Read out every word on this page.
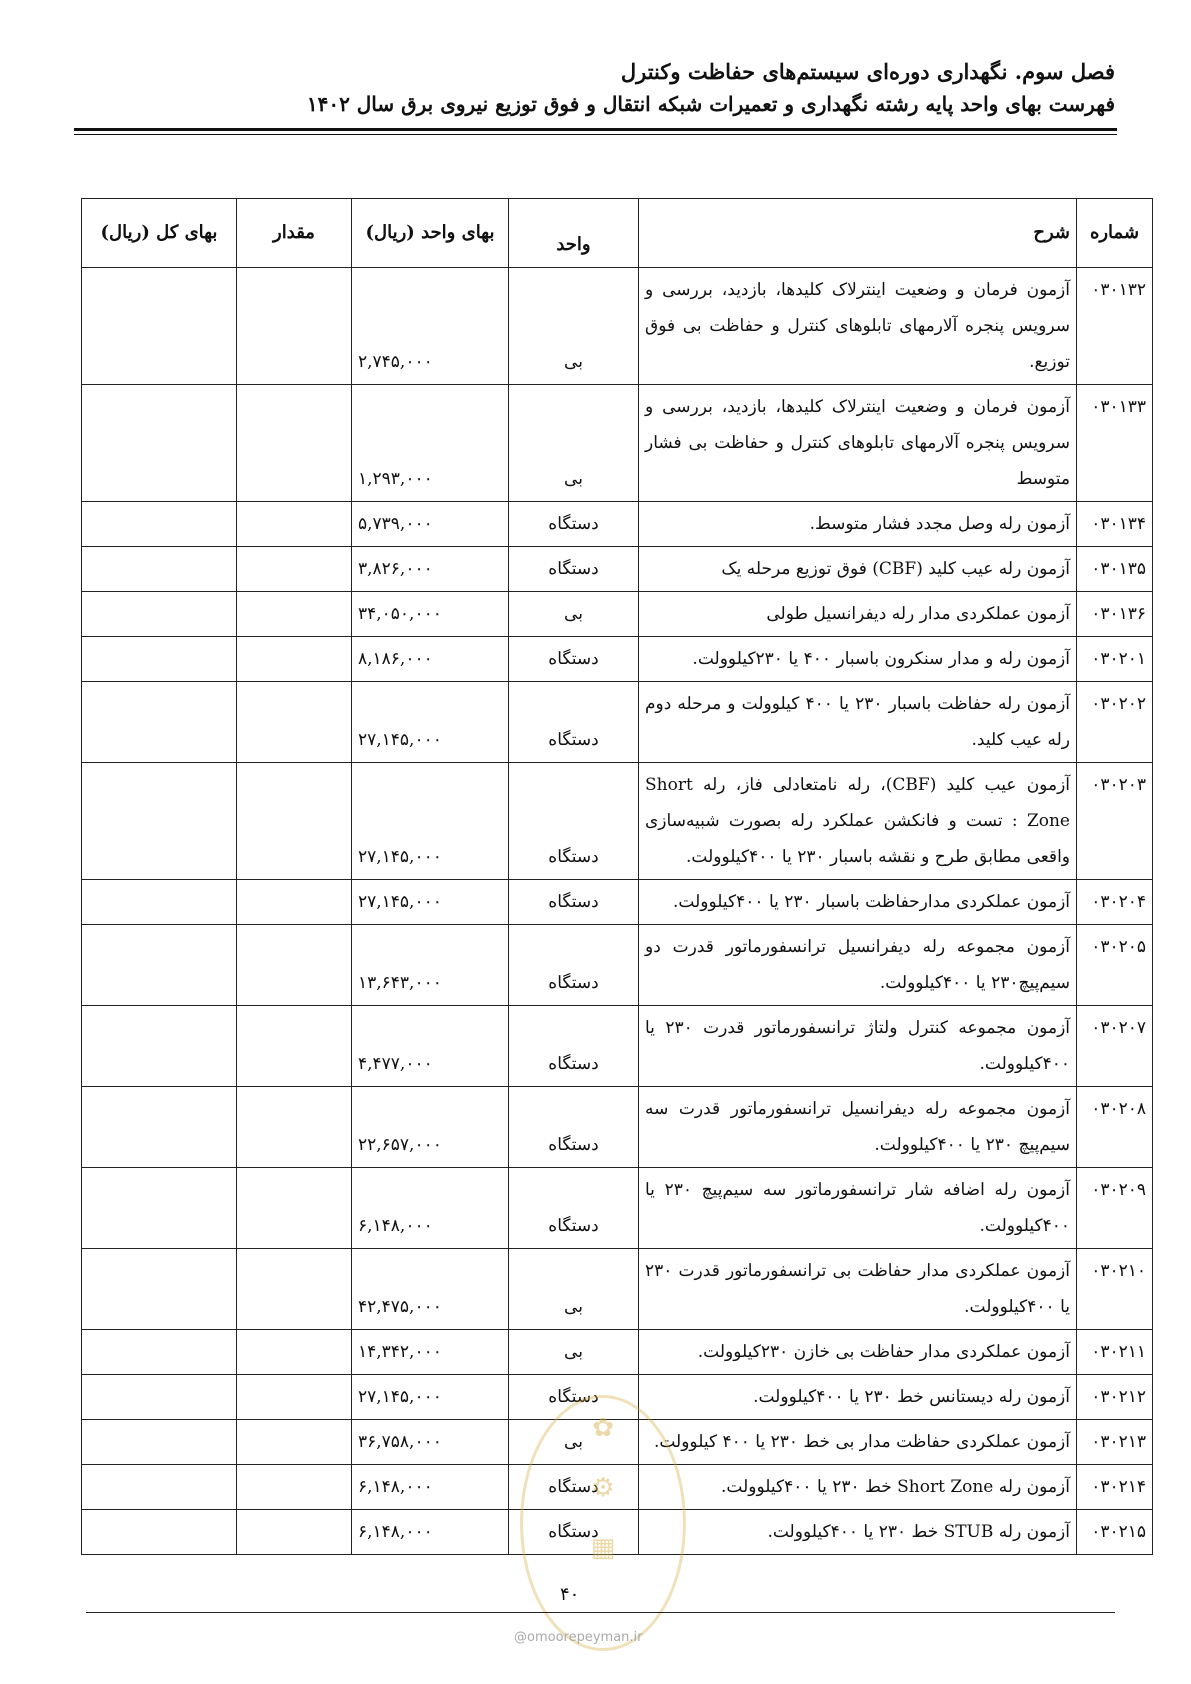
فصل سوم. نگهداری دوره‌ای سیستم‌های حفاظت وکنترل
فهرست بهای واحد پایه رشته نگهداری و تعمیرات شبکه انتقال و فوق توزیع نیروی برق سال ۱۴۰۲
شماره	شرح	واحد	بهای واحد (ریال)	مقدار	بهای کل (ریال)
۰۳۰۱۳۲	آزمون فرمان و وضعیت اینترلاک کلیدها، بازدید، بررسی و سرویس پنجره آلارمهای تابلوهای کنترل و حفاظت بی فوق توزیع.	بی	۲,۷۴۵,۰۰۰		
۰۳۰۱۳۳	آزمون فرمان و وضعیت اینترلاک کلیدها، بازدید، بررسی و سرویس پنجره آلارمهای تابلوهای کنترل و حفاظت بی فشار متوسط	بی	۱,۲۹۳,۰۰۰		
۰۳۰۱۳۴	آزمون رله وصل مجدد فشار متوسط.	دستگاه	۵,۷۳۹,۰۰۰		
۰۳۰۱۳۵	آزمون رله عیب کلید (CBF) فوق توزیع مرحله یک	دستگاه	۳,۸۲۶,۰۰۰		
۰۳۰۱۳۶	آزمون عملکردی مدار رله دیفرانسیل طولی	بی	۳۴,۰۵۰,۰۰۰		
۰۳۰۲۰۱	آزمون رله و مدار سنکرون باسبار ۴۰۰ یا ۲۳۰کیلوولت.	دستگاه	۸,۱۸۶,۰۰۰		
۰۳۰۲۰۲	آزمون رله حفاظت باسبار ۲۳۰ یا ۴۰۰ کیلوولت و مرحله دوم رله عیب کلید.	دستگاه	۲۷,۱۴۵,۰۰۰		
۰۳۰۲۰۳	آزمون عیب کلید (CBF)، رله نامتعادلی فاز، رله Short Zone : تست و فانکشن عملکرد رله بصورت شبیه‌سازی واقعی مطابق طرح و نقشه باسبار ۲۳۰ یا ۴۰۰کیلوولت.	دستگاه	۲۷,۱۴۵,۰۰۰		
۰۳۰۲۰۴	آزمون عملکردی مدارحفاظت باسبار ۲۳۰ یا ۴۰۰کیلوولت.	دستگاه	۲۷,۱۴۵,۰۰۰		
۰۳۰۲۰۵	آزمون مجموعه رله دیفرانسیل ترانسفورماتور قدرت دو سیم‌پیچ۲۳۰ یا ۴۰۰کیلوولت.	دستگاه	۱۳,۶۴۳,۰۰۰		
۰۳۰۲۰۷	آزمون مجموعه کنترل ولتاژ ترانسفورماتور قدرت ۲۳۰ یا ۴۰۰کیلوولت.	دستگاه	۴,۴۷۷,۰۰۰		
۰۳۰۲۰۸	آزمون مجموعه رله دیفرانسیل ترانسفورماتور قدرت سه سیم‌پیچ ۲۳۰ یا ۴۰۰کیلوولت.	دستگاه	۲۲,۶۵۷,۰۰۰		
۰۳۰۲۰۹	آزمون رله اضافه شار ترانسفورماتور سه سیم‌پیچ ۲۳۰ یا ۴۰۰کیلوولت.	دستگاه	۶,۱۴۸,۰۰۰		
۰۳۰۲۱۰	آزمون عملکردی مدار حفاظت بی ترانسفورماتور قدرت ۲۳۰ یا ۴۰۰کیلوولت.	بی	۴۲,۴۷۵,۰۰۰		
۰۳۰۲۱۱	آزمون عملکردی مدار حفاظت بی خازن ۲۳۰کیلوولت.	بی	۱۴,۳۴۲,۰۰۰		
۰۳۰۲۱۲	آزمون رله دیستانس خط ۲۳۰ یا ۴۰۰کیلوولت.	دستگاه	۲۷,۱۴۵,۰۰۰		
۰۳۰۲۱۳	آزمون عملکردی حفاظت مدار بی خط ۲۳۰ یا ۴۰۰ کیلوولت.	بی	۳۶,۷۵۸,۰۰۰		
۰۳۰۲۱۴	آزمون رله Short Zone خط ۲۳۰ یا ۴۰۰کیلوولت.	دستگاه	۶,۱۴۸,۰۰۰		
۰۳۰۲۱۵	آزمون رله STUB خط ۲۳۰ یا ۴۰۰کیلوولت.	دستگاه	۶,۱۴۸,۰۰۰		
✿
⚙
▦
۴۰
@omoorepeyman.ir
